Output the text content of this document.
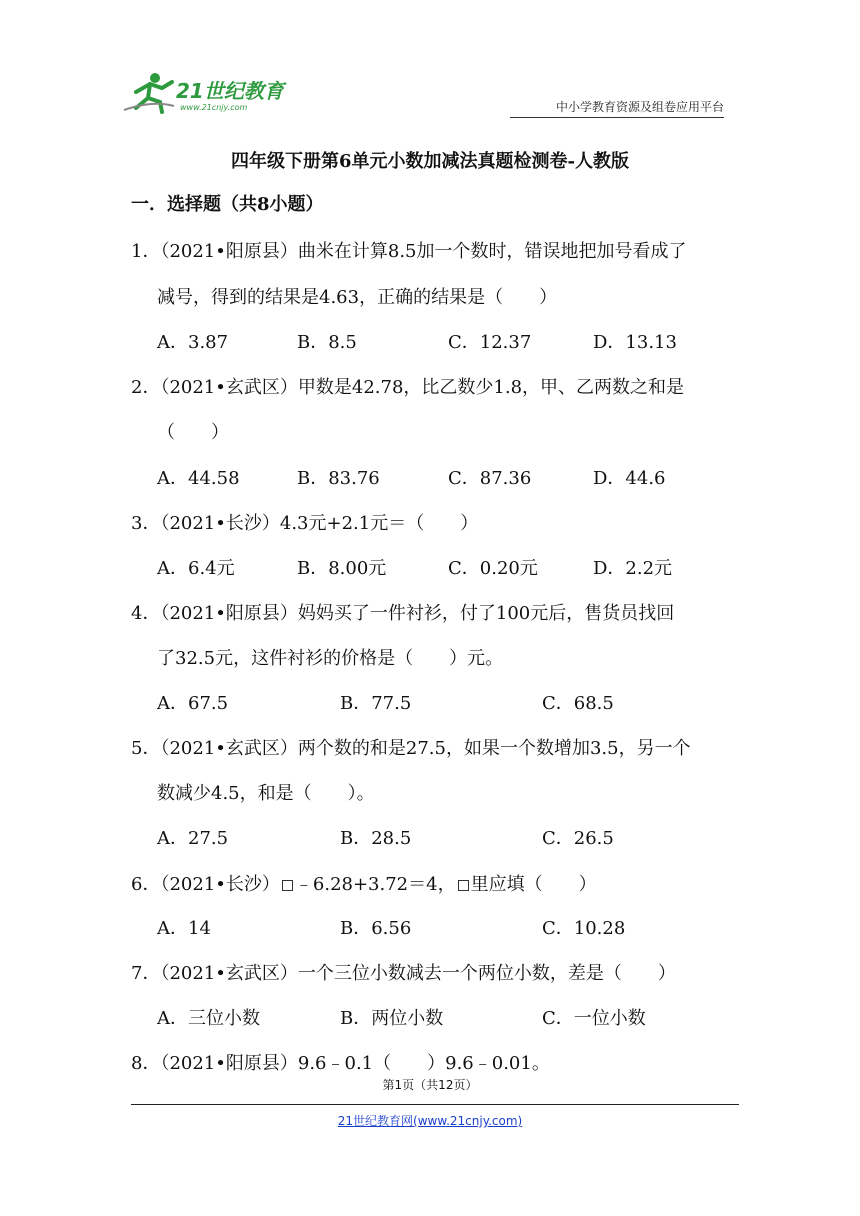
21世纪教育
www.21cnjy.com	中小学教育资源及组卷应用平台
四年级下册第6单元小数加减法真题检测卷-人教版
一．选择题（共8小题）
1．（2021•阳原县）曲米在计算8.5加一个数时，错误地把加号看成了
减号，得到的结果是4.63，正确的结果是（　　）
A．3.87	B．8.5	C．12.37	D．13.13
2．（2021•玄武区）甲数是42.78，比乙数少1.8，甲、乙两数之和是
（　　）
A．44.58	B．83.76	C．87.36	D．44.6
3．（2021•长沙）4.3元+2.1元＝（　　）
A．6.4元	B．8.00元	C．0.20元	D．2.2元
4．（2021•阳原县）妈妈买了一件衬衫，付了100元后，售货员找回
了32.5元，这件衬衫的价格是（　　）元。
A．67.5	B．77.5	C．68.5
5．（2021•玄武区）两个数的和是27.5，如果一个数增加3.5，另一个
数减少4.5，和是（　　）。
A．27.5	B．28.5	C．26.5
6．（2021•长沙） ﹣6.28+3.72＝4， 里应填（　　）
A．14	B．6.56	C．10.28
7．（2021•玄武区）一个三位小数减去一个两位小数，差是（　　）
A．三位小数	B．两位小数	C．一位小数
8．（2021•阳原县）9.6﹣0.1（　　）9.6﹣0.01。
第1页（共12页）
21世纪教育网(www.21cnjy.com)
